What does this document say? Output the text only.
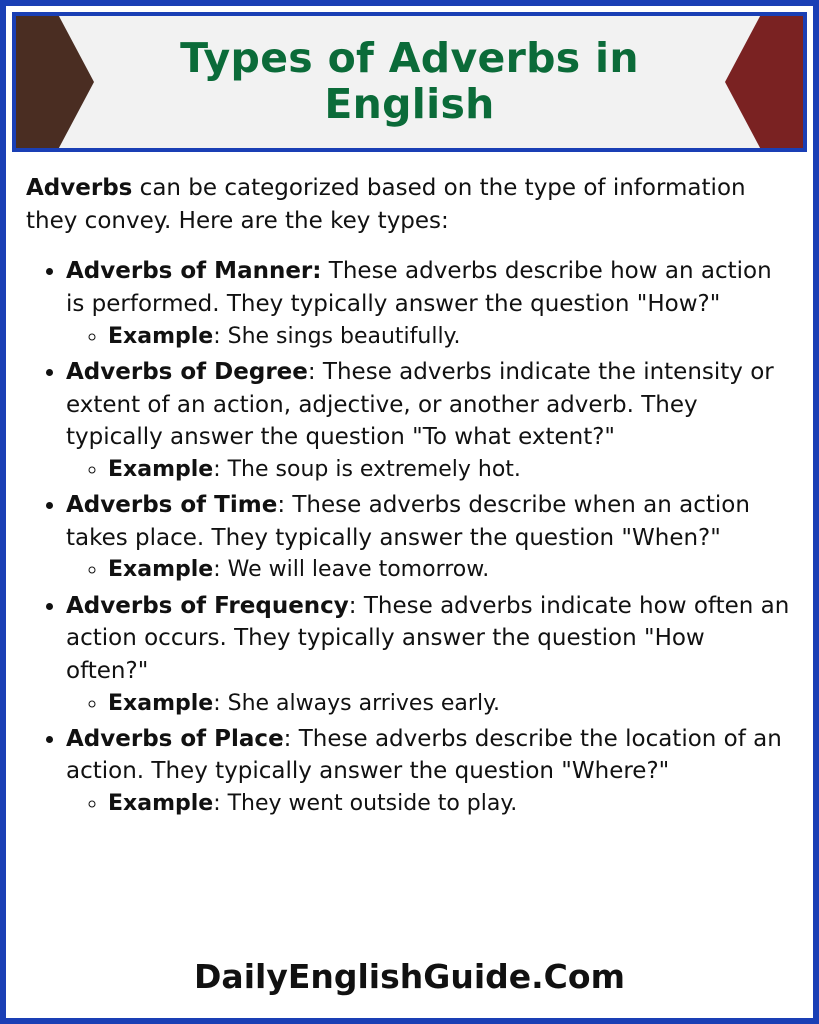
Types of Adverbs in English

Adverbs can be categorized based on the type of information they convey. Here are the key types:

• Adverbs of Manner: These adverbs describe how an action is performed. They typically answer the question "How?"
◦ Example: She sings beautifully.
• Adverbs of Degree: These adverbs indicate the intensity or extent of an action, adjective, or another adverb. They typically answer the question "To what extent?"
◦ Example: The soup is extremely hot.
• Adverbs of Time: These adverbs describe when an action takes place. They typically answer the question "When?"
◦ Example: We will leave tomorrow.
• Adverbs of Frequency: These adverbs indicate how often an action occurs. They typically answer the question "How often?"
◦ Example: She always arrives early.
• Adverbs of Place: These adverbs describe the location of an action. They typically answer the question "Where?"
◦ Example: They went outside to play.
DailyEnglishGuide.Com
